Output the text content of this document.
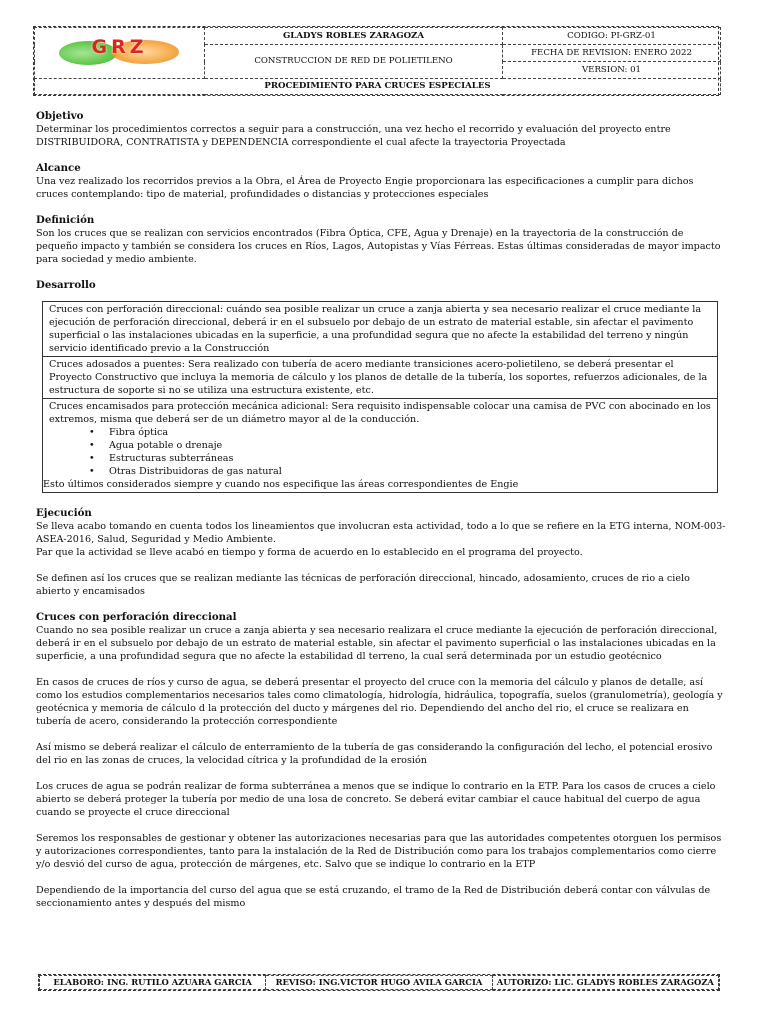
GRZ	GLADYS ROBLES ZARAGOZA	CODIGO: PI-GRZ-01
	CONSTRUCCION DE RED DE POLIETILENO	FECHA DE REVISION: ENERO 2022
		VERSION: 01
PROCEDIMIENTO PARA CRUCES ESPECIALES		
Objetivo

Determinar los procedimientos correctos a seguir para a construcción, una vez hecho el recorrido y evaluación del proyecto entre DISTRIBUIDORA, CONTRATISTA y DEPENDENCIA correspondiente el cual afecte la trayectoria Proyectada

Alcance

Una vez realizado los recorridos previos a la Obra, el Área de Proyecto Engie proporcionara las especificaciones a cumplir para dichos cruces contemplando: tipo de material, profundidades o distancias y protecciones especiales

Definición

Son los cruces que se realizan con servicios encontrados (Fibra Óptica, CFE, Agua y Drenaje) en la trayectoria de la construcción de pequeño impacto y también se considera los cruces en Ríos, Lagos, Autopistas y Vías Férreas. Estas últimas consideradas de mayor impacto para sociedad y medio ambiente.

Desarrollo
Cruces con perforación direccional: cuándo sea posible realizar un cruce a zanja abierta y sea necesario realizar el cruce mediante la ejecución de perforación direccional, deberá ir en el subsuelo por debajo de un estrato de material estable, sin afectar el pavimento superficial o las instalaciones ubicadas en la superficie, a una profundidad segura que no afecte la estabilidad del terreno y ningún servicio identificado previo a la Construcción
Cruces adosados a puentes: Sera realizado con tubería de acero mediante transiciones acero-polietileno, se deberá presentar el Proyecto Constructivo que incluya la memoria de cálculo y los planos de detalle de la tubería, los soportes, refuerzos adicionales, de la estructura de soporte si no se utiliza una estructura existente, etc.
Cruces encamisados para protección mecánica adicional: Sera requisito indispensable colocar una camisa de PVC con abocinado en los extremos, misma que deberá ser de un diámetro mayor al de la conducción.
• Fibra óptica
• Agua potable o drenaje
• Estructuras subterráneas
• Otras Distribuidoras de gas natural
Esto últimos considerados siempre y cuando nos especifique las áreas correspondientes de Engie
Ejecución

Se lleva acabo tomando en cuenta todos los lineamientos que involucran esta actividad, todo a lo que se refiere en la ETG interna, NOM-003-ASEA-2016, Salud, Seguridad y Medio Ambiente.

Par que la actividad se lleve acabó en tiempo y forma de acuerdo en lo establecido en el programa del proyecto.

Se definen así los cruces que se realizan mediante las técnicas de perforación direccional, hincado, adosamiento, cruces de rio a cielo abierto y encamisados

Cruces con perforación direccional

Cuando no sea posible realizar un cruce a zanja abierta y sea necesario realizara el cruce mediante la ejecución de perforación direccional, deberá ir en el subsuelo por debajo de un estrato de material estable, sin afectar el pavimento superficial o las instalaciones ubicadas en la superficie, a una profundidad segura que no afecte la estabilidad dl terreno, la cual será determinada por un estudio geotécnico

En casos de cruces de ríos y curso de agua, se deberá presentar el proyecto del cruce con la memoria del cálculo y planos de detalle, así como los estudios complementarios necesarios tales como climatología, hidrología, hidráulica, topografía, suelos (granulometría), geología y geotécnica y memoria de cálculo d la protección del ducto y márgenes del rio. Dependiendo del ancho del rio, el cruce se realizara en tubería de acero, considerando la protección correspondiente

Así mismo se deberá realizar el cálculo de enterramiento de la tubería de gas considerando la configuración del lecho, el potencial erosivo del rio en las zonas de cruces, la velocidad cítrica y la profundidad de la erosión

Los cruces de agua se podrán realizar de forma subterránea a menos que se indique lo contrario en la ETP. Para los casos de cruces a cielo abierto se deberá proteger la tubería por medio de una losa de concreto. Se deberá evitar cambiar el cauce habitual del cuerpo de agua cuando se proyecte el cruce direccional

Seremos los responsables de gestionar y obtener las autorizaciones necesarias para que las autoridades competentes otorguen los permisos y autorizaciones correspondientes, tanto para la instalación de la Red de Distribución como para los trabajos complementarios como cierre y/o desvió del curso de agua, protección de márgenes, etc. Salvo que se indique lo contrario en la ETP

Dependiendo de la importancia del curso del agua que se está cruzando, el tramo de la Red de Distribución deberá contar con válvulas de seccionamiento antes y después del mismo

ELABORO: ING. RUTILO AZUARA GARCIA	REVISO: ING.VICTOR HUGO AVILA GARCIA	AUTORIZO: LIC. GLADYS ROBLES ZARAGOZA
